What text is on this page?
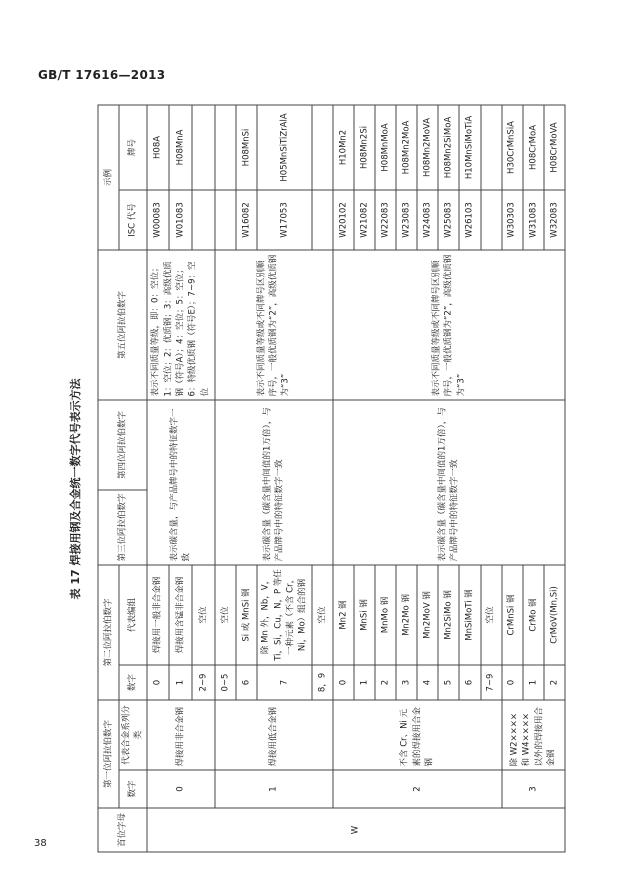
GB/T 17616—2013
表 17 焊接用钢及合金统一数字代号表示方法
38	首位字母	第一位阿拉伯数字		第二位阿拉伯数字		第三位阿拉伯数字	第四位阿拉伯数字	第五位阿拉伯数字	示例	
	数字	代表合金系列分类	数字	代表编组				ISC 代号	牌号
W	0	焊接用非合金钢	0	焊接用一般非合金钢	表示碳含量，与产品牌号中的特征数字一致		表示不同质量等级，即：0：空位；1：空位；2：优质钢；3：高级优质钢（符号A）；4：空位；5：空位；6：特级优质钢（符号E）；7~9：空位	W00083	H08A
			1	焊接用含锰非合金钢				W01083	H08MnA
			2~9	空位					
	1	焊接用低合金钢	0~5	空位	表示碳含量（碳含量中间值的1万倍），与产品牌号中的特征数字一致		表示不同质量等级或不同牌号区别顺序号，一般优质钢为“2”，高级优质钢为“3”		
			6	Si 或 MnSi 钢				W16082	H08MnSi
			7	除 Mn 外，Nb，V，Ti，Si，Cu，N，P 等任一种元素（不含 Cr，Ni，Mo）组合的钢				W17053	H05MnSiTiZrAlA
			8，9	空位					
	2	不含 Cr、Ni 元素的焊接用合金钢	0	Mn2 钢	表示碳含量（碳含量中间值的1万倍），与产品牌号中的特征数字一致		表示不同质量等级或不同牌号区别顺序号，一般优质钢为“2”，高级优质钢为“3”	W20102	H10Mn2
			1	MnSi 钢				W21082	H08Mn2Si
			2	MnMo 钢				W22083	H08MnMoA
			3	Mn2Mo 钢				W23083	H08Mn2MoA
			4	Mn2MoV 钢				W24083	H08Mn2MoVA
			5	Mn2SiMo 钢				W25083	H08Mn2SiMoA
			6	MnSiMoTi 钢				W26103	H10MnSiMoTiA
			7~9	空位					
	3	除 W2×××× 和 W4×××× 以外的焊接用合金钢	0	CrMnSi 钢				W30303	H30CrMnSiA
			1	CrMo 钢				W31083	H08CrMoA
			2	CrMoV(Mn,Si)				W32083	H08CrMoVA
